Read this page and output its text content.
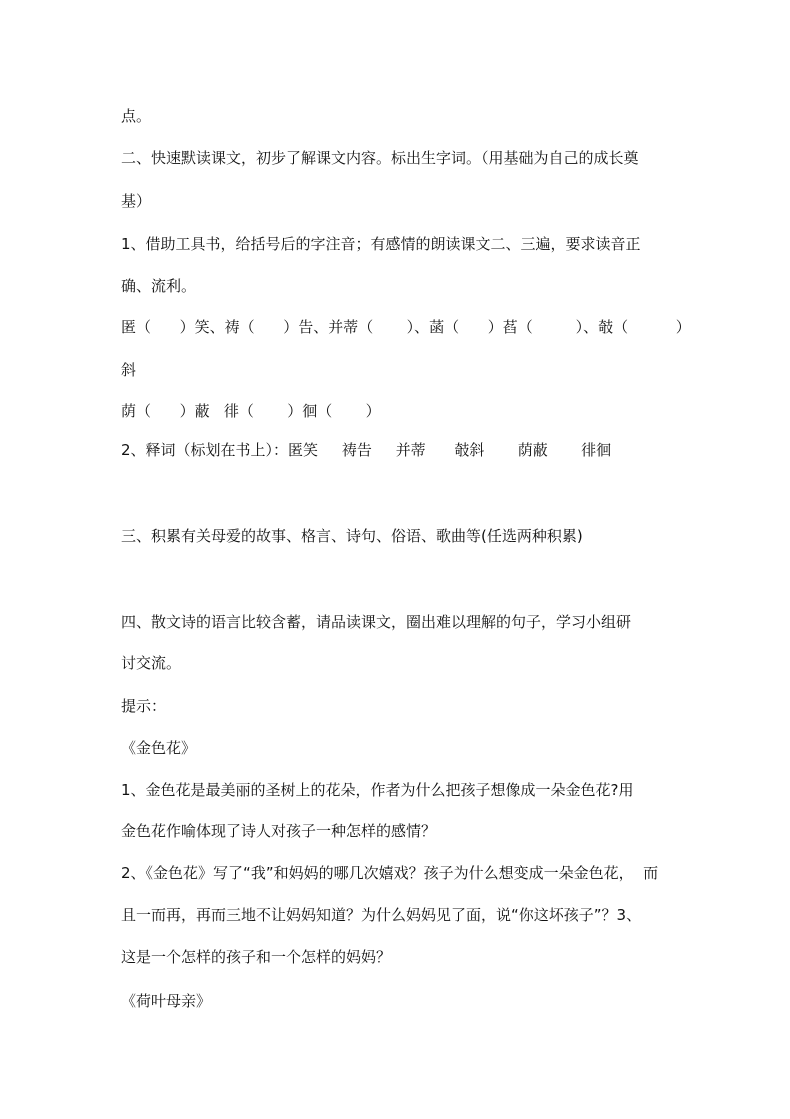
点。
二、快速默读课文，初步了解课文内容。标出生字词。（用基础为自己的成长奠
基）
1、借助工具书，给括号后的字注音；有感情的朗读课文二、三遍，要求读音正
确、流利。
匿（      ）笑、祷（      ）告、并蒂（       ）、菡（      ）萏（         ）、攲（          ）
斜
荫（      ）蔽   徘（       ）徊（       ）
2、释词（标划在书上）：匿笑     祷告     并蒂      攲斜       荫蔽       徘徊
三、积累有关母爱的故事、格言、诗句、俗语、歌曲等(任选两种积累)
四、散文诗的语言比较含蓄，请品读课文，圈出难以理解的句子，学习小组研
讨交流。
提示：
《金色花》
1、金色花是最美丽的圣树上的花朵，作者为什么把孩子想像成一朵金色花?用
金色花作喻体现了诗人对孩子一种怎样的感情？
2、《金色花》写了“我”和妈妈的哪几次嬉戏？孩子为什么想变成一朵金色花，  而
且一而再，再而三地不让妈妈知道？为什么妈妈见了面，说“你这坏孩子”？3、
这是一个怎样的孩子和一个怎样的妈妈？
《荷叶母亲》
